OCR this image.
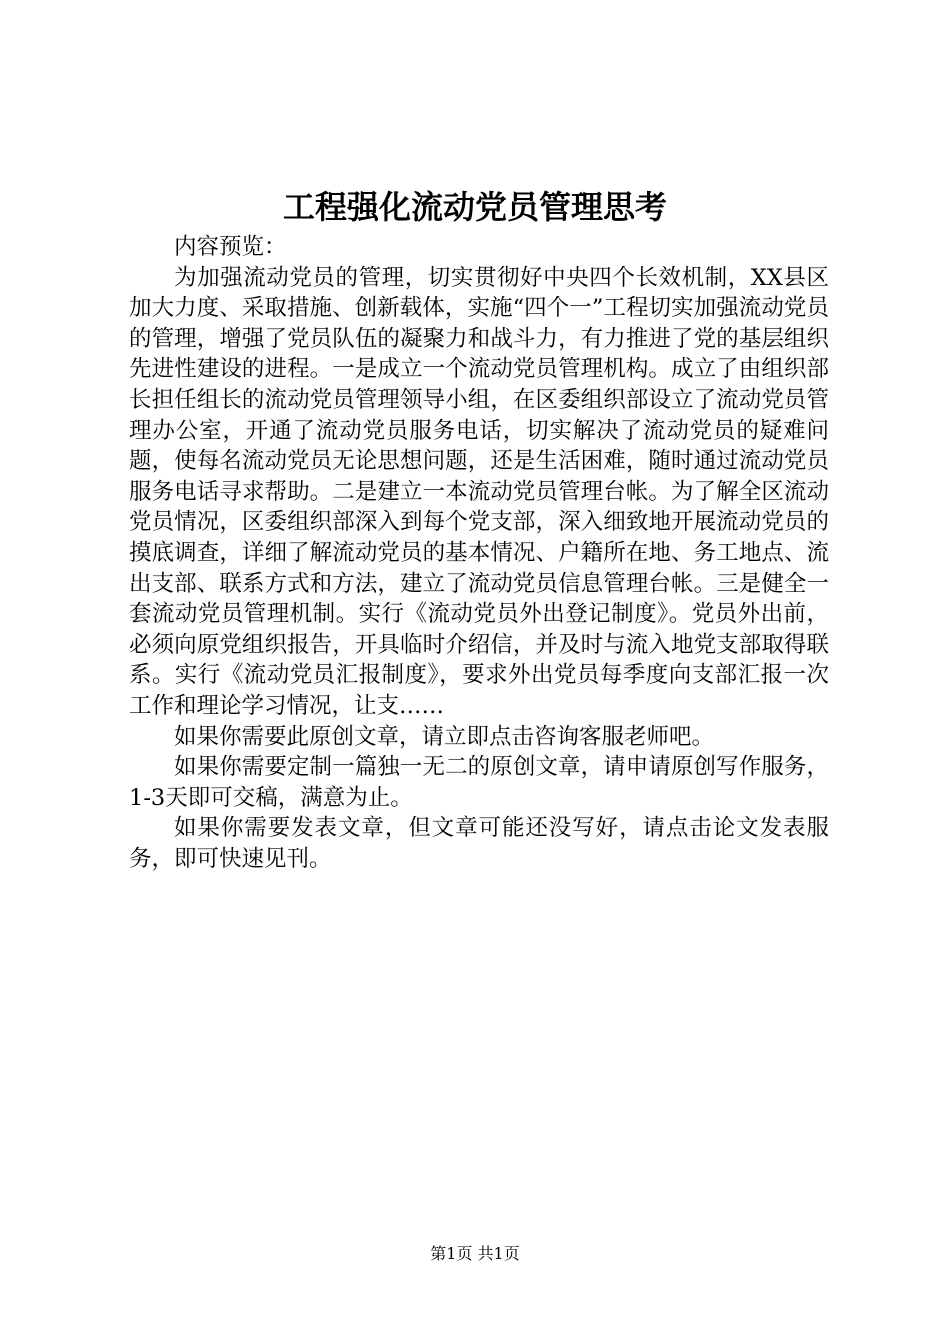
工程强化流动党员管理思考

内容预览：

为加强流动党员的管理，切实贯彻好中央四个长效机制，XX县区加大力度、采取措施、创新载体，实施“四个一”工程切实加强流动党员的管理，增强了党员队伍的凝聚力和战斗力，有力推进了党的基层组织先进性建设的进程。一是成立一个流动党员管理机构。成立了由组织部长担任组长的流动党员管理领导小组，在区委组织部设立了流动党员管理办公室，开通了流动党员服务电话，切实解决了流动党员的疑难问题，使每名流动党员无论思想问题，还是生活困难，随时通过流动党员服务电话寻求帮助。二是建立一本流动党员管理台帐。为了解全区流动党员情况，区委组织部深入到每个党支部，深入细致地开展流动党员的摸底调查，详细了解流动党员的基本情况、户籍所在地、务工地点、流出支部、联系方式和方法，建立了流动党员信息管理台帐。三是健全一套流动党员管理机制。实行《流动党员外出登记制度》。党员外出前，必须向原党组织报告，开具临时介绍信，并及时与流入地党支部取得联系。实行《流动党员汇报制度》，要求外出党员每季度向支部汇报一次工作和理论学习情况，让支……

如果你需要此原创文章，请立即点击咨询客服老师吧。

如果你需要定制一篇独一无二的原创文章，请申请原创写作服务，1-3天即可交稿，满意为止。

如果你需要发表文章，但文章可能还没写好，请点击论文发表服务，即可快速见刊。

第1页 共1页
